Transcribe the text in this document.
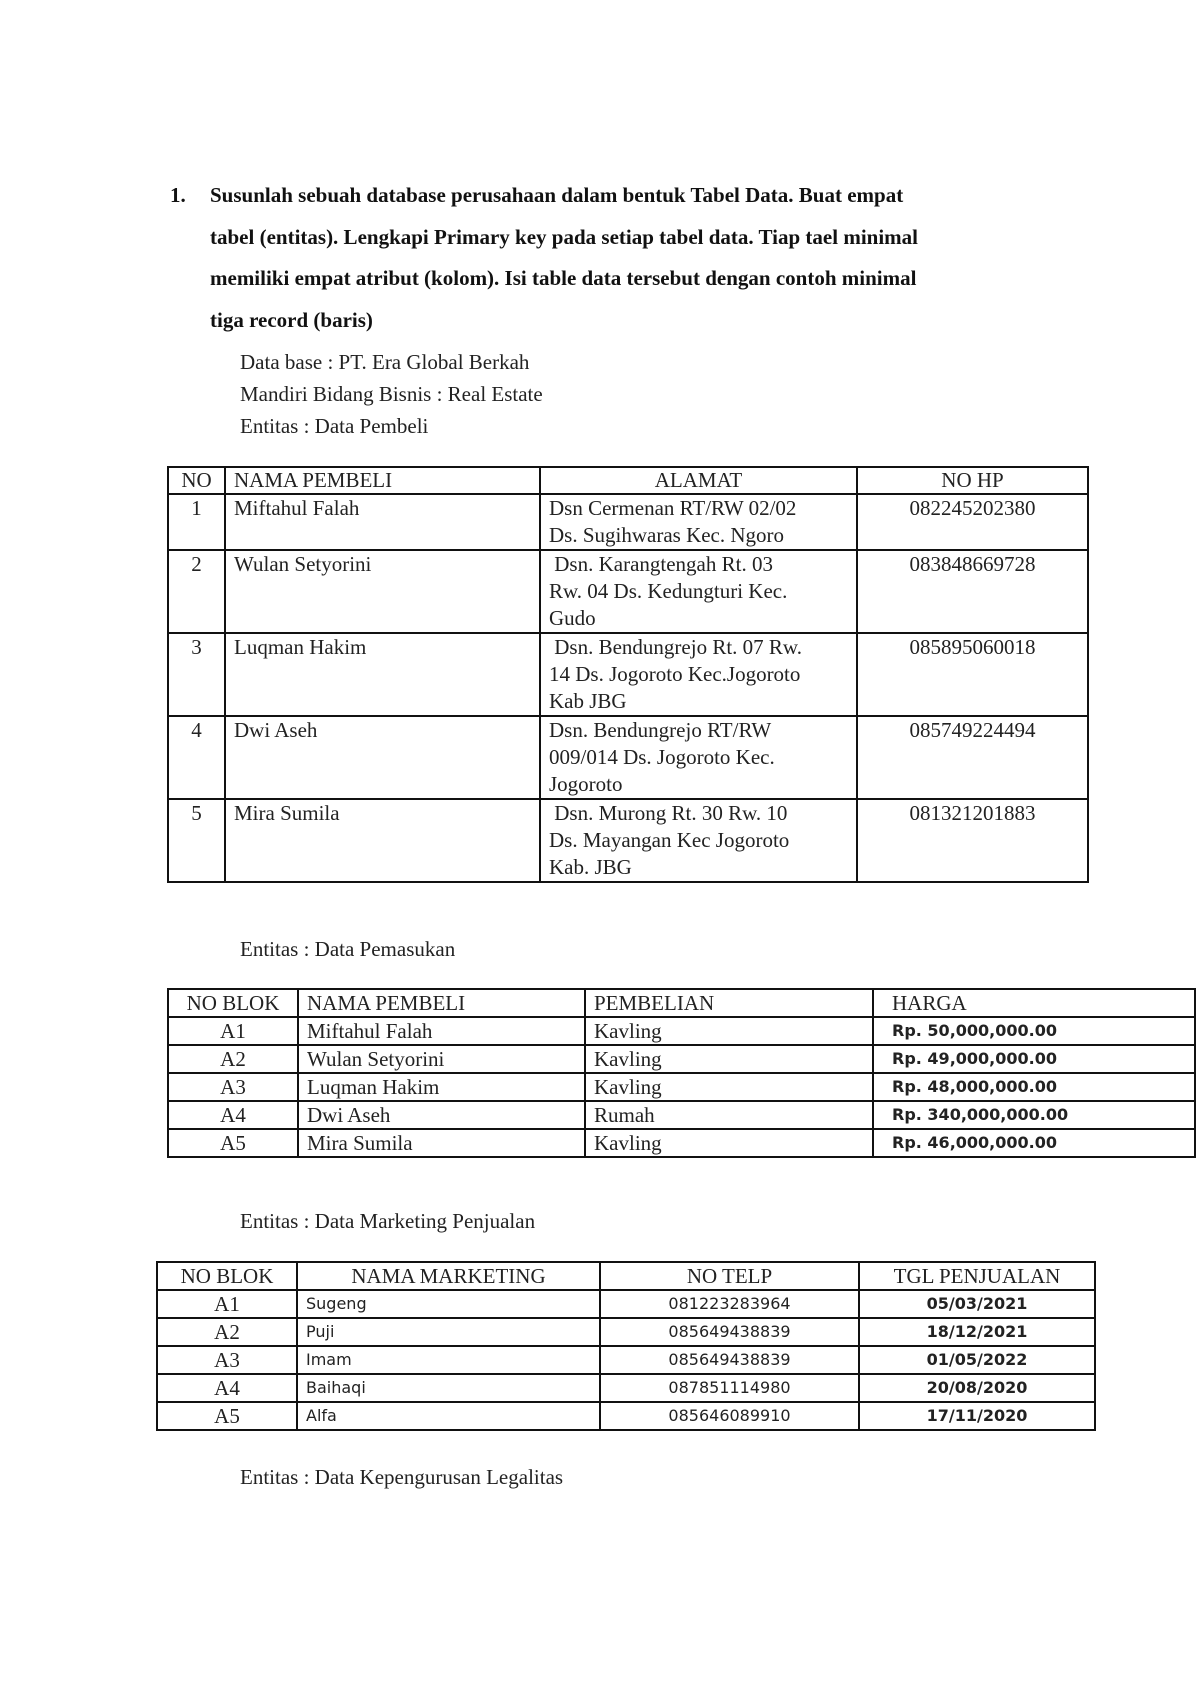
1. Susunlah sebuah database perusahaan dalam bentuk Tabel Data. Buat empat
tabel (entitas). Lengkapi Primary key pada setiap tabel data. Tiap tael minimal
memiliki empat atribut (kolom). Isi table data tersebut dengan contoh minimal
tiga record (baris)
Data base : PT. Era Global Berkah
Mandiri Bidang Bisnis : Real Estate
Entitas : Data Pembeli
NO	NAMA PEMBELI	ALAMAT	NO HP
1	Miftahul Falah	Dsn Cermenan RT/RW 02/02
Ds. Sugihwaras Kec. Ngoro	082245202380
2	Wulan Setyorini	Dsn. Karangtengah Rt. 03
Rw. 04 Ds. Kedungturi Kec.
Gudo	083848669728
3	Luqman Hakim	Dsn. Bendungrejo Rt. 07 Rw.
14 Ds. Jogoroto Kec.Jogoroto
Kab JBG	085895060018
4	Dwi Aseh	Dsn. Bendungrejo RT/RW
009/014 Ds. Jogoroto Kec.
Jogoroto	085749224494
5	Mira Sumila	Dsn. Murong Rt. 30 Rw. 10
Ds. Mayangan Kec Jogoroto
Kab. JBG	081321201883
Entitas : Data Pemasukan
NO BLOK	NAMA PEMBELI	PEMBELIAN	HARGA
A1	Miftahul Falah	Kavling	Rp. 50,000,000.00
A2	Wulan Setyorini	Kavling	Rp. 49,000,000.00
A3	Luqman Hakim	Kavling	Rp. 48,000,000.00
A4	Dwi Aseh	Rumah	Rp. 340,000,000.00
A5	Mira Sumila	Kavling	Rp. 46,000,000.00
Entitas : Data Marketing Penjualan
NO BLOK	NAMA MARKETING	NO TELP	TGL PENJUALAN
A1	Sugeng	081223283964	05/03/2021
A2	Puji	085649438839	18/12/2021
A3	Imam	085649438839	01/05/2022
A4	Baihaqi	087851114980	20/08/2020
A5	Alfa	085646089910	17/11/2020
Entitas : Data Kepengurusan Legalitas
